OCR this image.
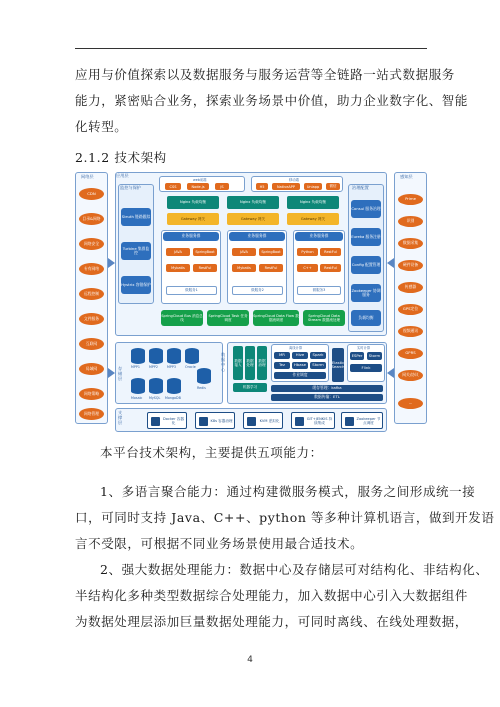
应用与价值探索以及数据服务与服务运营等全链路一站式数据服务
能力，紧密贴合业务，探索业务场景中价值，助力企业数字化、智能
化转型。
2.1.2 技术架构
网络层
CDN
目录&网络
网络安全
专有网络
远程控制
文件服务
互联网
局域网
网络策略
网络管理
感知层
Prime
识别
数据采集
硬件设备
传感器
GPS定位
视频通讯
GPRS
网关/协议
...
应用层
监控与保护
Sleuth 链路跟踪
Turbine 集群监控
Hystrix 容错保护
治理配置
Consul 服务治理
Eureka 服务注册
Config 配置管理
Zookeeper 协调服务
负载均衡
web前端
CSS	Node.js	JS
移动端
H5	NativeAPP	Uniapp	微信
Nginx 负载均衡	Nginx 负载均衡	Nginx 负载均衡
Gateway 网关	Gateway 网关	Gateway 网关
业务服务群
JAVA	SpringBoot
Mybatis	RestFul
微服务1
业务服务群
JAVA	SpringBoot
Mybatis	RestFul
微服务2
业务服务群
Python	RestFul
C++	RestFul
微服务3
SpringCloud Bus 消息总线
SpringCloud Task 任务调度
SpringCloud Data Flow 数据流调度
SpringCloud Data Stream 数据流处理
存储层
MPP1	MPP2	MPP3	Oracle
MySQL MongoDB
Redis
Mosaic
数据中心
数据接入
数据处理
数据治理
机器学习
离线计算
MR	Hive	Spark
Tez	Hbase	Storm
作业调度
Elastic Search
实时计算
ESPer	Storm
Flink
缓存管理：kafka
数据传输：ETL
支撑层
Docker 容器化
K8s 容器治理	KVM 虚拟化
GIT+JENKIS 持续集成
Zookeeper 节点调度
本平台技术架构，主要提供五项能力：
1、多语言聚合能力：通过构建微服务模式，服务之间形成统一接
口，可同时支持 Java、C++、python 等多种计算机语言，做到开发语
言不受限，可根据不同业务场景使用最合适技术。
2、强大数据处理能力：数据中心及存储层可对结构化、非结构化、
半结构化多种类型数据综合处理能力，加入数据中心引入大数据组件
为数据处理层添加巨量数据处理能力，可同时离线、在线处理数据，
4
